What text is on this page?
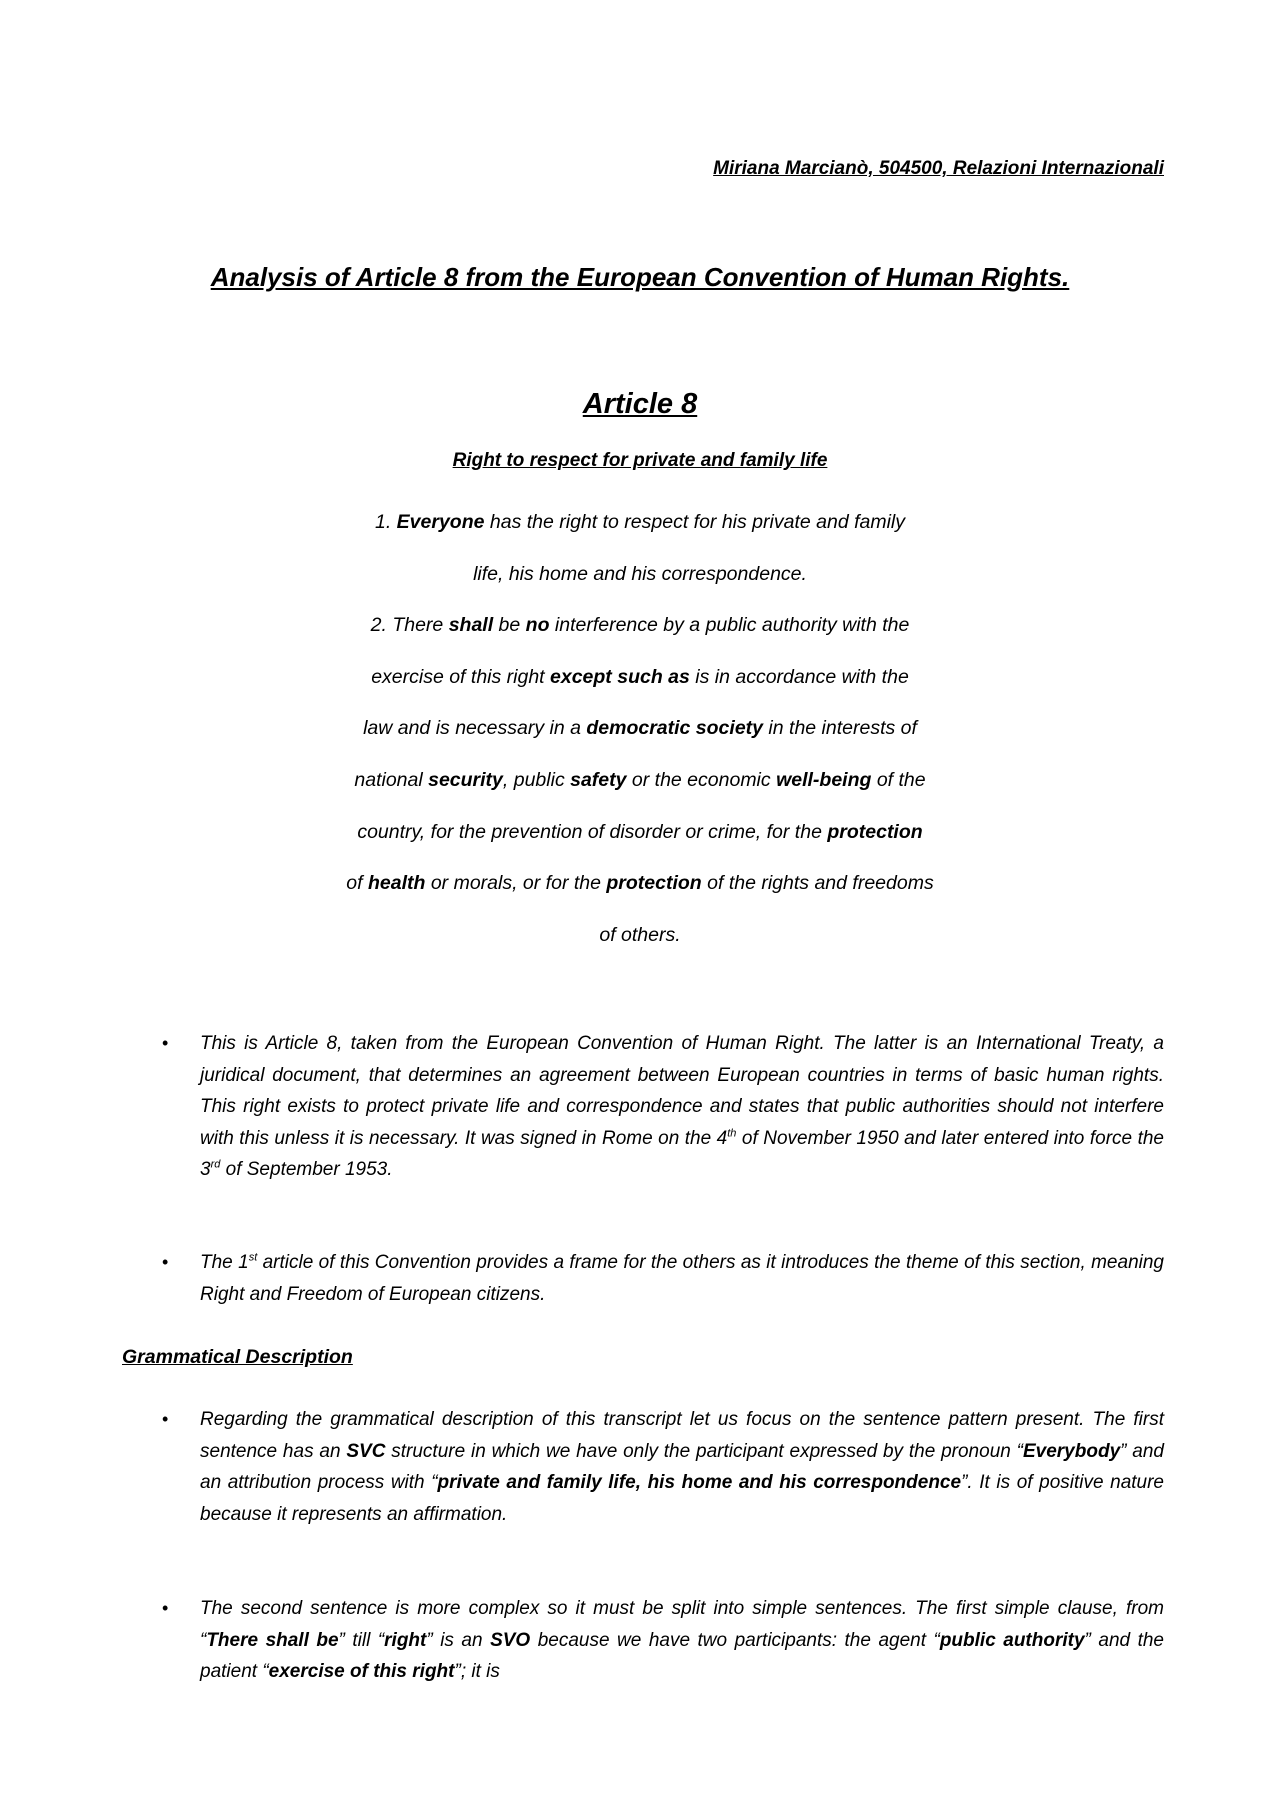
Miriana Marcianò, 504500, Relazioni Internazionali
Analysis of Article 8 from the European Convention of Human Rights.
Article 8
Right to respect for private and family life
1. Everyone has the right to respect for his private and family
life, his home and his correspondence.
2. There shall be no interference by a public authority with the
exercise of this right except such as is in accordance with the
law and is necessary in a democratic society in the interests of
national security, public safety or the economic well-being of the
country, for the prevention of disorder or crime, for the protection
of health or morals, or for the protection of the rights and freedoms
of others.
• This is Article 8, taken from the European Convention of Human Right. The latter is an International Treaty, a juridical document, that determines an agreement between European countries in terms of basic human rights. This right exists to protect private life and correspondence and states that public authorities should not interfere with this unless it is necessary. It was signed in Rome on the 4th of November 1950 and later entered into force the 3rd of September 1953.
• The 1st article of this Convention provides a frame for the others as it introduces the theme of this section, meaning Right and Freedom of European citizens.
Grammatical Description
• Regarding the grammatical description of this transcript let us focus on the sentence pattern present. The first sentence has an SVC structure in which we have only the participant expressed by the pronoun “Everybody” and an attribution process with “private and family life, his home and his correspondence”. It is of positive nature because it represents an affirmation.
• The second sentence is more complex so it must be split into simple sentences. The first simple clause, from “There shall be” till “right” is an SVO because we have two participants: the agent “public authority” and the patient “exercise of this right”; it is
